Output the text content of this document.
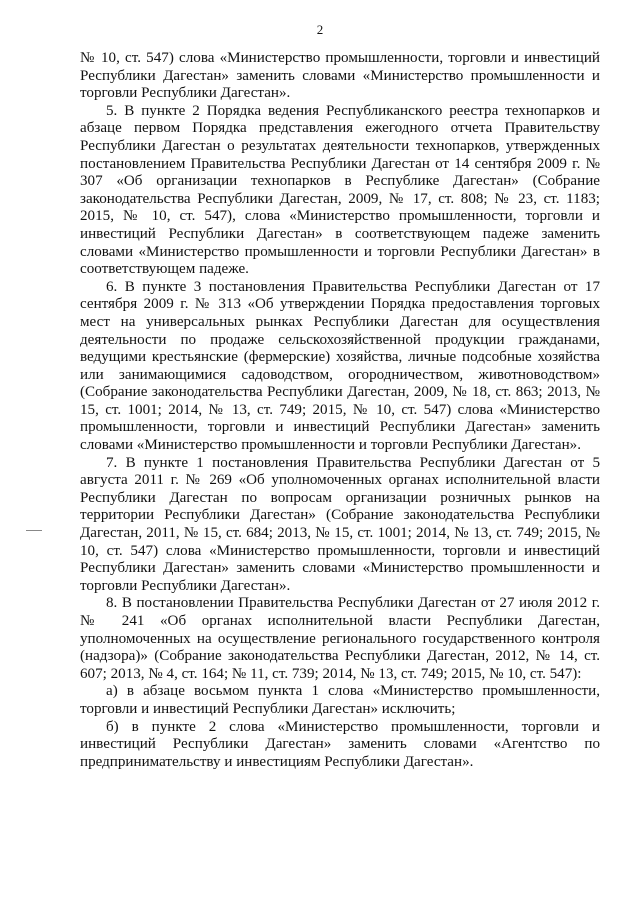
2

№ 10, ст. 547) слова «Министерство промышленности, торговли и инвестиций Республики Дагестан» заменить словами «Министерство промышленности и торговли Республики Дагестан».

5. В пункте 2 Порядка ведения Республиканского реестра технопарков и абзаце первом Порядка представления ежегодного отчета Правительству Республики Дагестан о результатах деятельности технопарков, утвержденных постановлением Правительства Республики Дагестан от 14 сентября 2009 г. № 307 «Об организации технопарков в Республике Дагестан» (Собрание законодательства Республики Дагестан, 2009, № 17, ст. 808; № 23, ст. 1183; 2015, № 10, ст. 547), слова «Министерство промышленности, торговли и инвестиций Республики Дагестан» в соответствующем падеже заменить словами «Министерство промышленности и торговли Республики Дагестан» в соответствующем падеже.

6. В пункте 3 постановления Правительства Республики Дагестан от 17 сентября 2009 г. № 313 «Об утверждении Порядка предоставления торговых мест на универсальных рынках Республики Дагестан для осуществления деятельности по продаже сельскохозяйственной продукции гражданами, ведущими крестьянские (фермерские) хозяйства, личные подсобные хозяйства или занимающимися садоводством, огородничеством, животноводством» (Собрание законодательства Республики Дагестан, 2009, № 18, ст. 863; 2013, № 15, ст. 1001; 2014, № 13, ст. 749; 2015, № 10, ст. 547) слова «Министерство промышленности, торговли и инвестиций Республики Дагестан» заменить словами «Министерство промышленности и торговли Республики Дагестан».

7. В пункте 1 постановления Правительства Республики Дагестан от 5 августа 2011 г. № 269 «Об уполномоченных органах исполнительной власти Республики Дагестан по вопросам организации розничных рынков на территории Республики Дагестан» (Собрание законодательства Республики Дагестан, 2011, № 15, ст. 684; 2013, № 15, ст. 1001; 2014, № 13, ст. 749; 2015, № 10, ст. 547) слова «Министерство промышленности, торговли и инвестиций Республики Дагестан» заменить словами «Министерство промышленности и торговли Республики Дагестан».

8. В постановлении Правительства Республики Дагестан от 27 июля 2012 г. № 241 «Об органах исполнительной власти Республики Дагестан, уполномоченных на осуществление регионального государственного контроля (надзора)» (Собрание законодательства Республики Дагестан, 2012, № 14, ст. 607; 2013, № 4, ст. 164; № 11, ст. 739; 2014, № 13, ст. 749; 2015, № 10, ст. 547):

а) в абзаце восьмом пункта 1 слова «Министерство промышленности, торговли и инвестиций Республики Дагестан» исключить;

б) в пункте 2 слова «Министерство промышленности, торговли и инвестиций Республики Дагестан» заменить словами «Агентство по предпринимательству и инвестициям Республики Дагестан».
